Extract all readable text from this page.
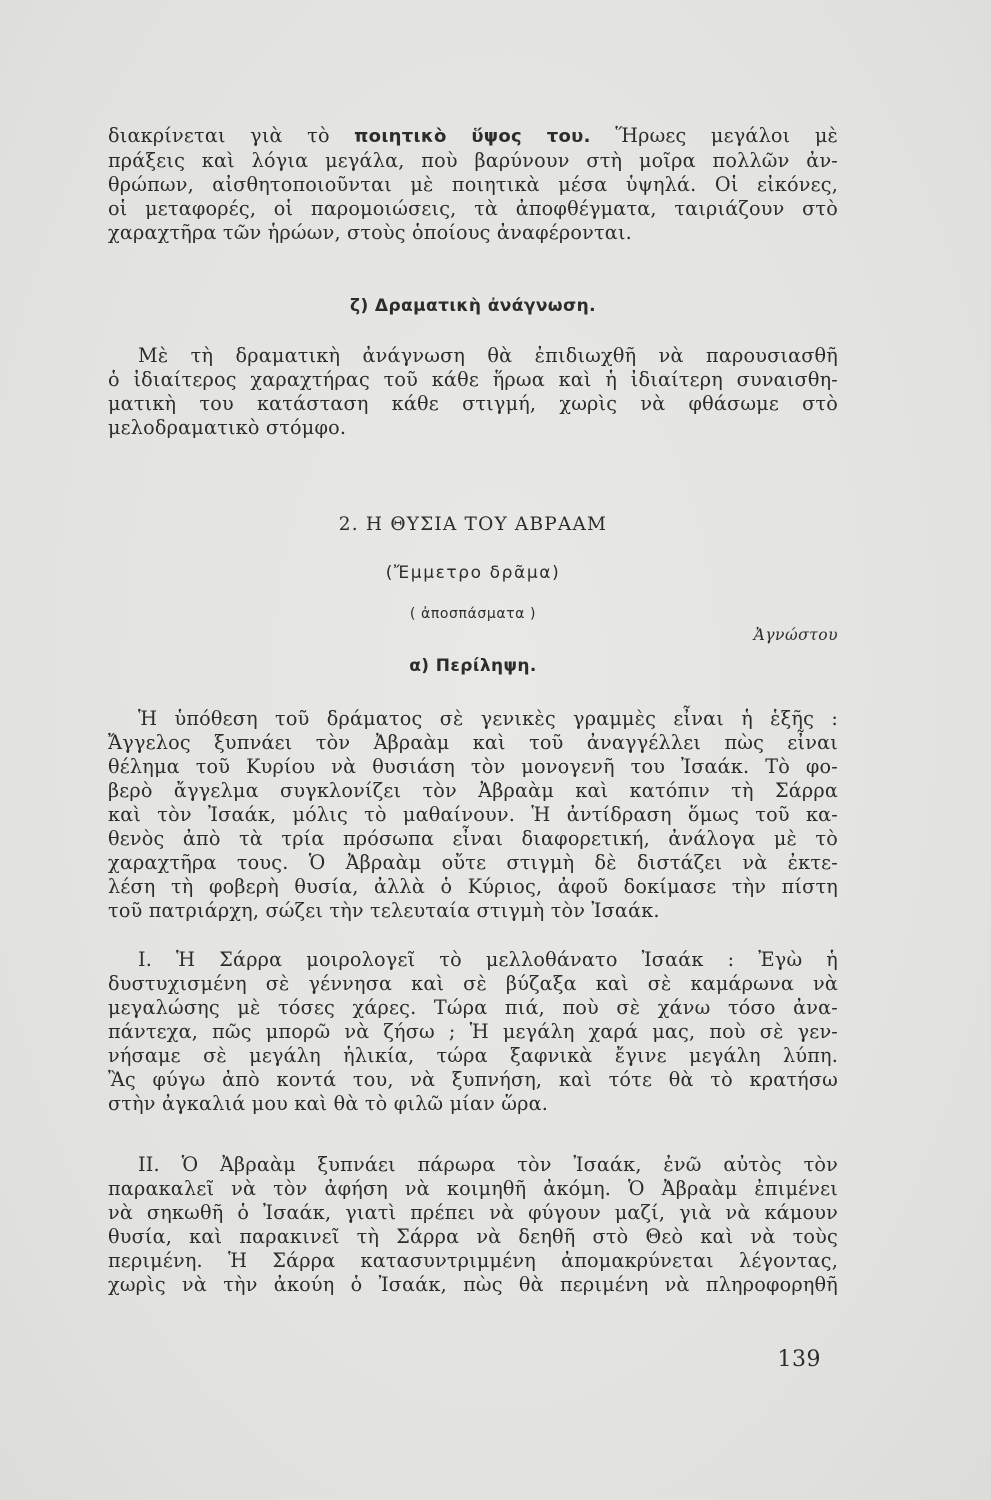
διακρίνεται γιὰ τὸ ποιητικὸ ὕψος του. Ἥρωες μεγάλοι μὲ

πράξεις καὶ λόγια μεγάλα, ποὺ βαρύνουν στὴ μοῖρα πολλῶν ἀν-

θρώπων, αἰσθητοποιοῦνται μὲ ποιητικὰ μέσα ὑψηλά. Οἱ εἰκόνες,

οἱ μεταφορές, οἱ παρομοιώσεις, τὰ ἀποφθέγματα, ταιριάζουν στὸ

χαραχτῆρα τῶν ἡρώων, στοὺς ὁποίους ἀναφέρονται.

ζ) Δραματικὴ ἀνάγνωση.

Μὲ τὴ δραματικὴ ἀνάγνωση θὰ ἐπιδιωχθῆ νὰ παρουσιασθῆ

ὁ ἰδιαίτερος χαραχτήρας τοῦ κάθε ἥρωα καὶ ἡ ἰδιαίτερη συναισθη-

ματικὴ του κατάσταση κάθε στιγμή, χωρὶς νὰ φθάσωμε στὸ

μελοδραματικὸ στόμφο.

2. Η ΘΥΣΙΑ ΤΟΥ ΑΒΡΑΑΜ
(Ἔμμετρο δρᾶμα)
( ἀποσπάσματα )
Ἀγνώστου
α) Περίληψη.

Ἡ ὑπόθεση τοῦ δράματος σὲ γενικὲς γραμμὲς εἶναι ἡ ἑξῆς :

Ἄγγελος ξυπνάει τὸν Ἀβραὰμ καὶ τοῦ ἀναγγέλλει πὼς εἶναι

θέλημα τοῦ Κυρίου νὰ θυσιάση τὸν μονογενῆ του Ἰσαάκ. Τὸ φο-

βερὸ ἄγγελμα συγκλονίζει τὸν Ἀβραὰμ καὶ κατόπιν τὴ Σάρρα

καὶ τὸν Ἰσαάκ, μόλις τὸ μαθαίνουν. Ἡ ἀντίδραση ὅμως τοῦ κα-

θενὸς ἀπὸ τὰ τρία πρόσωπα εἶναι διαφορετική, ἀνάλογα μὲ τὸ

χαραχτῆρα τους. Ὁ Ἀβραὰμ οὔτε στιγμὴ δὲ διστάζει νὰ ἐκτε-

λέση τὴ φοβερὴ θυσία, ἀλλὰ ὁ Κύριος, ἀφοῦ δοκίμασε τὴν πίστη

τοῦ πατριάρχη, σώζει τὴν τελευταία στιγμὴ τὸν Ἰσαάκ.

I. Ἡ Σάρρα μοιρολογεῖ τὸ μελλοθάνατο Ἰσαάκ : Ἐγὼ ἡ

δυστυχισμένη σὲ γέννησα καὶ σὲ βύζαξα καὶ σὲ καμάρωνα νὰ

μεγαλώσης μὲ τόσες χάρες. Τώρα πιά, ποὺ σὲ χάνω τόσο ἀνα-

πάντεχα, πῶς μπορῶ νὰ ζήσω ; Ἡ μεγάλη χαρά μας, ποὺ σὲ γεν-

νήσαμε σὲ μεγάλη ἡλικία, τώρα ξαφνικὰ ἔγινε μεγάλη λύπη.

Ἂς φύγω ἀπὸ κοντά του, νὰ ξυπνήση, καὶ τότε θὰ τὸ κρατήσω

στὴν ἀγκαλιά μου καὶ θὰ τὸ φιλῶ μίαν ὥρα.

II. Ὁ Ἀβραὰμ ξυπνάει πάρωρα τὸν Ἰσαάκ, ἐνῶ αὐτὸς τὸν

παρακαλεῖ νὰ τὸν ἀφήση νὰ κοιμηθῆ ἀκόμη. Ὁ Ἀβραὰμ ἐπιμένει

νὰ σηκωθῆ ὁ Ἰσαάκ, γιατὶ πρέπει νὰ φύγουν μαζί, γιὰ νὰ κάμουν

θυσία, καὶ παρακινεῖ τὴ Σάρρα νὰ δεηθῆ στὸ Θεὸ καὶ νὰ τοὺς

περιμένη. Ἡ Σάρρα κατασυντριμμένη ἀπομακρύνεται λέγοντας,

χωρὶς νὰ τὴν ἀκούη ὁ Ἰσαάκ, πὼς θὰ περιμένη νὰ πληροφορηθῆ

139
